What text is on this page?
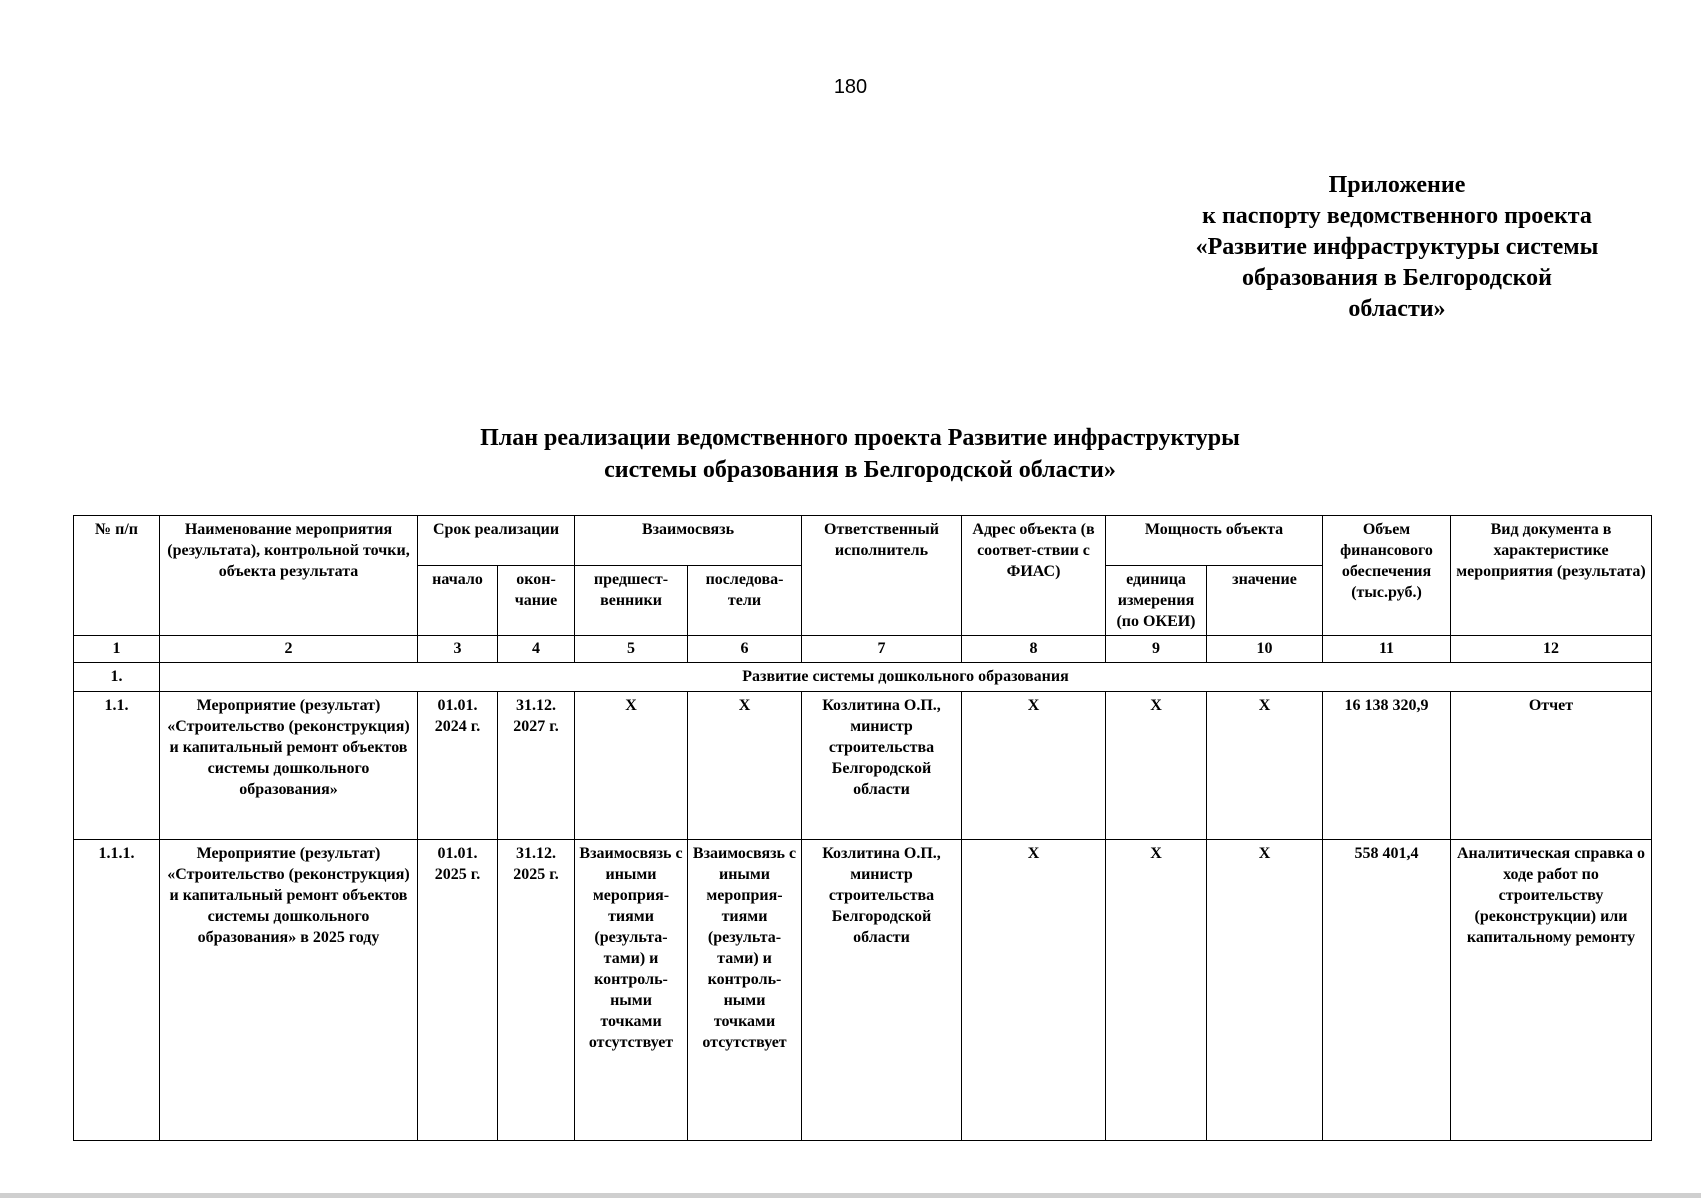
180
Приложение
к паспорту ведомственного проекта
«Развитие инфраструктуры системы
образования в Белгородской
области»
План реализации ведомственного проекта Развитие инфраструктуры
системы образования в Белгородской области»
№ п/п	Наименование мероприятия (результата), контрольной точки, объекта результата	Срок реализации		Взаимосвязь		Ответственный исполнитель	Адрес объекта (в соответ-ствии с ФИАС)	Мощность объекта		Объем финансового обеспечения (тыс.руб.)	Вид документа в характеристике мероприятия (результата)
		начало	окон-чание	предшест-венники	последова-тели			единица измерения (по ОКЕИ)	значение		
1	2	3	4	5	6	7	8	9	10	11	12
1.	Развитие системы дошкольного образования										
1.1.	Мероприятие (результат) «Строительство (реконструкция) и капитальный ремонт объектов системы дошкольного образования»	01.01. 2024 г.	31.12. 2027 г.	Х	Х	Козлитина О.П., министр строительства Белгородской области	Х	Х	Х	16 138 320,9	Отчет
1.1.1.	Мероприятие (результат) «Строительство (реконструкция) и капитальный ремонт объектов системы дошкольного образования» в 2025 году	01.01. 2025 г.	31.12. 2025 г.	Взаимосвязь с иными мероприя-тиями (результа-тами) и контроль-ными точками отсутствует	Взаимосвязь с иными мероприя-тиями (результа-тами) и контроль-ными точками отсутствует	Козлитина О.П., министр строительства Белгородской области	Х	Х	Х	558 401,4	Аналитическая справка о ходе работ по строительству (реконструкции) или капитальному ремонту
